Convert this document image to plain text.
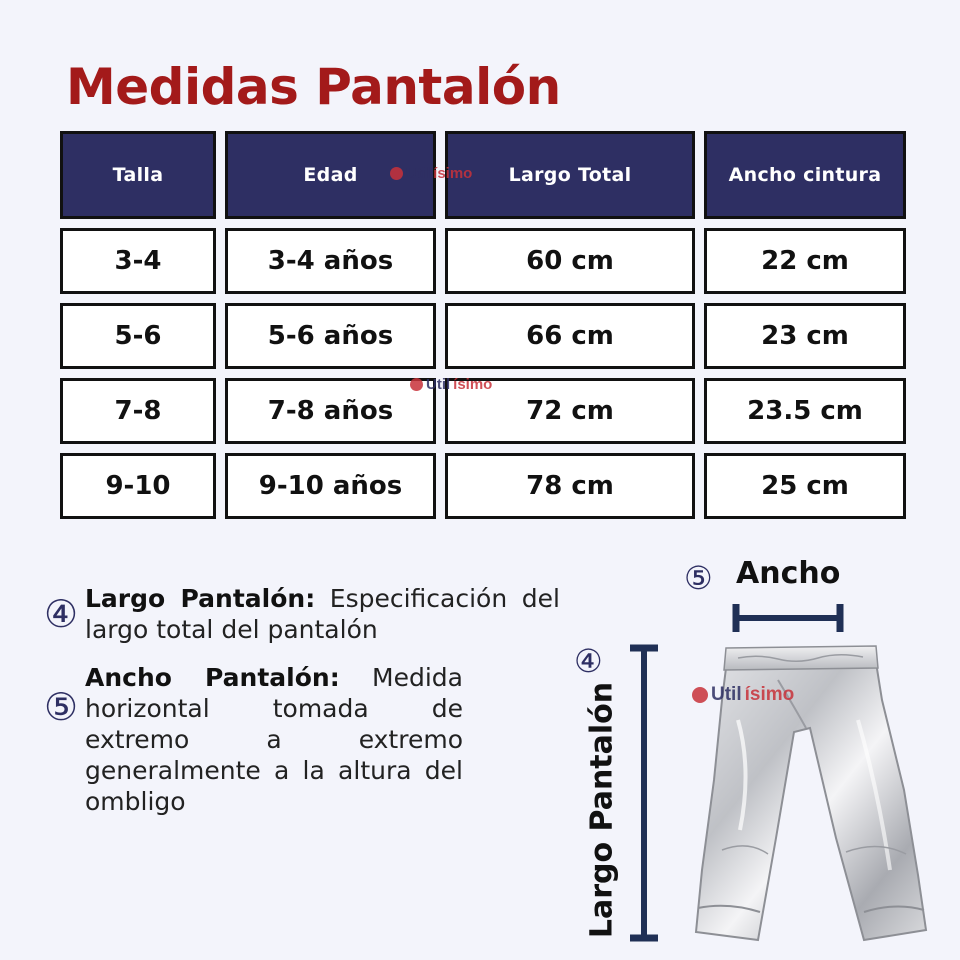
Medidas Pantalón
Talla	Edad	Largo Total	Ancho cintura
3-4	3-4 años	60 cm	22 cm
5-6	5-6 años	66 cm	23 cm
7-8	7-8 años	72 cm	23.5 cm
9-10	9-10 años	78 cm	25 cm
Util ísimo
Util ísimo
④ Largo Pantalón: Especificación del largo total del pantalón
⑤
Ancho Pantalón: Medida horizontal tomada de extremo a extremo generalmente a la altura del ombligo
⑤ Ancho
④
Largo Pantalón	Util ísimo
